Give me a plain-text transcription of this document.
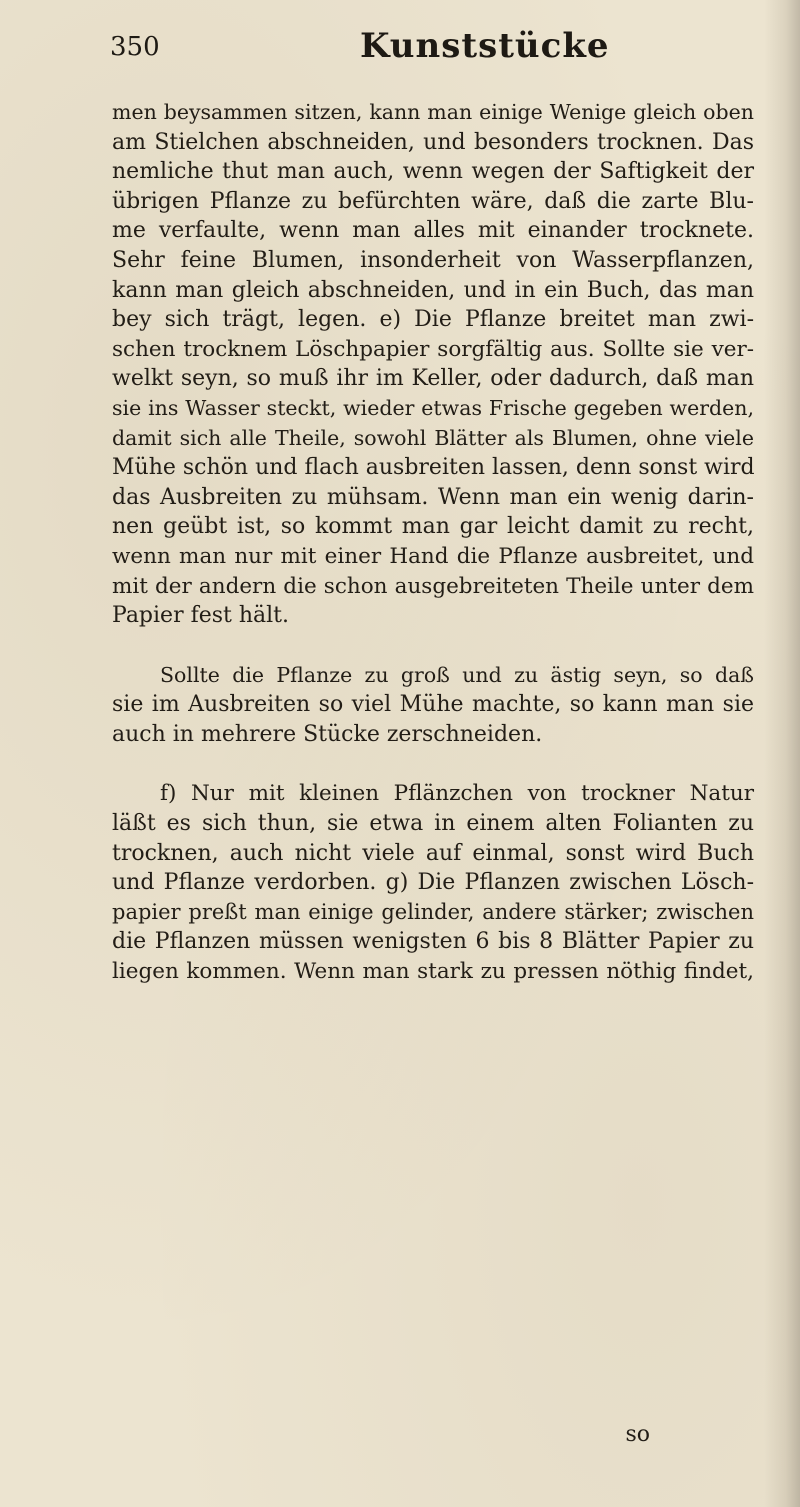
350	Kunststücke

men beysammen sitzen, kann man einige Wenige gleich oben
am Stielchen abschneiden, und besonders trocknen. Das
nemliche thut man auch, wenn wegen der Saftigkeit der
übrigen Pflanze zu befürchten wäre, daß die zarte Blu-
me verfaulte, wenn man alles mit einander trocknete.
Sehr feine Blumen, insonderheit von Wasserpflanzen,
kann man gleich abschneiden, und in ein Buch, das man
bey sich trägt, legen. e) Die Pflanze breitet man zwi-
schen trocknem Löschpapier sorgfältig aus. Sollte sie ver-
welkt seyn, so muß ihr im Keller, oder dadurch, daß man
sie ins Wasser steckt, wieder etwas Frische gegeben werden,
damit sich alle Theile, sowohl Blätter als Blumen, ohne viele
Mühe schön und flach ausbreiten lassen, denn sonst wird
das Ausbreiten zu mühsam. Wenn man ein wenig darin-
nen geübt ist, so kommt man gar leicht damit zu recht,
wenn man nur mit einer Hand die Pflanze ausbreitet, und
mit der andern die schon ausgebreiteten Theile unter dem
Papier fest hält.

Sollte die Pflanze zu groß und zu ästig seyn, so daß
sie im Ausbreiten so viel Mühe machte, so kann man sie
auch in mehrere Stücke zerschneiden.

f) Nur mit kleinen Pflänzchen von trockner Natur
läßt es sich thun, sie etwa in einem alten Folianten zu
trocknen, auch nicht viele auf einmal, sonst wird Buch
und Pflanze verdorben. g) Die Pflanzen zwischen Lösch-
papier preßt man einige gelinder, andere stärker; zwischen
die Pflanzen müssen wenigsten 6 bis 8 Blätter Papier zu
liegen kommen. Wenn man stark zu pressen nöthig findet,

so
